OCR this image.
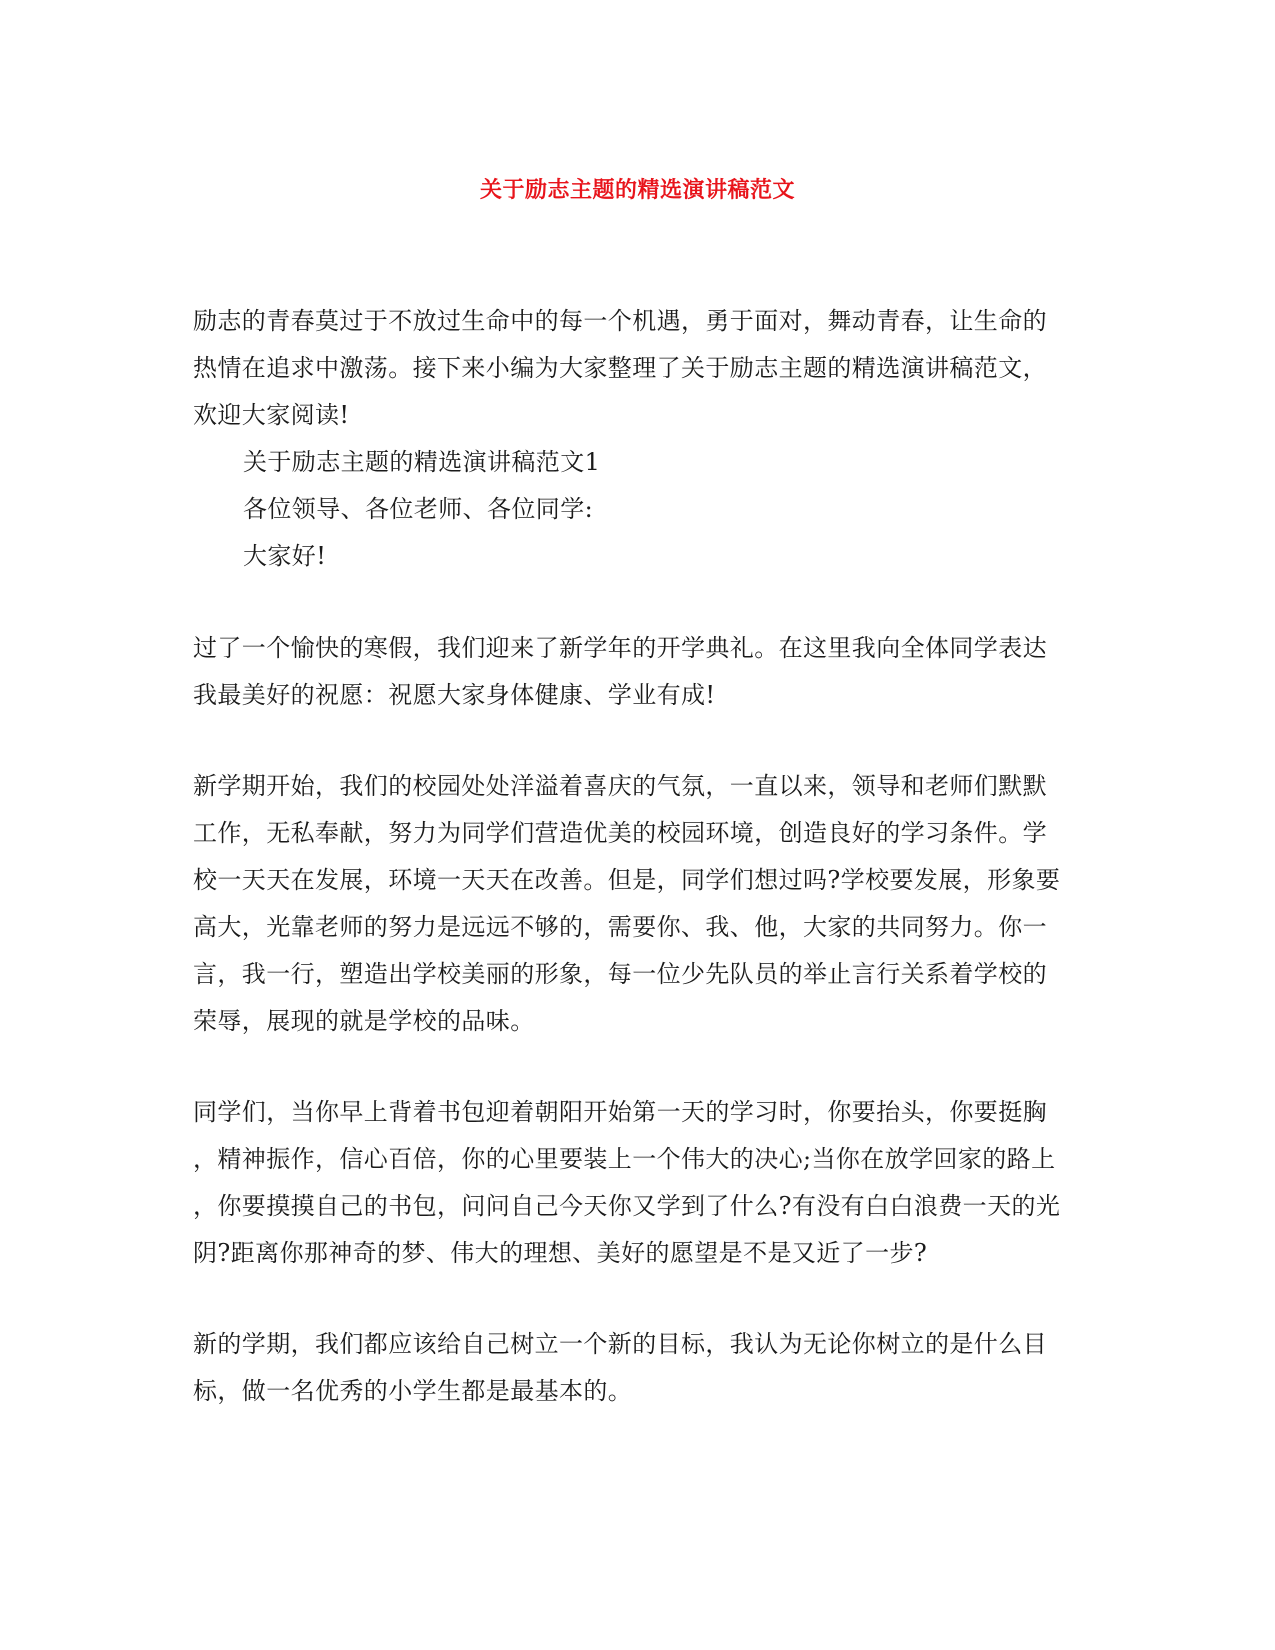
关于励志主题的精选演讲稿范文

励志的青春莫过于不放过生命中的每一个机遇，勇于面对，舞动青春，让生命的

热情在追求中激荡。接下来小编为大家整理了关于励志主题的精选演讲稿范文，

欢迎大家阅读!

关于励志主题的精选演讲稿范文1

各位领导、各位老师、各位同学:

大家好!

过了一个愉快的寒假，我们迎来了新学年的开学典礼。在这里我向全体同学表达

我最美好的祝愿：祝愿大家身体健康、学业有成!

新学期开始，我们的校园处处洋溢着喜庆的气氛，一直以来，领导和老师们默默

工作，无私奉献，努力为同学们营造优美的校园环境，创造良好的学习条件。学

校一天天在发展，环境一天天在改善。但是，同学们想过吗?学校要发展，形象要

高大，光靠老师的努力是远远不够的，需要你、我、他，大家的共同努力。你一

言，我一行，塑造出学校美丽的形象，每一位少先队员的举止言行关系着学校的

荣辱，展现的就是学校的品味。

同学们，当你早上背着书包迎着朝阳开始第一天的学习时，你要抬头，你要挺胸

，精神振作，信心百倍，你的心里要装上一个伟大的决心;当你在放学回家的路上

，你要摸摸自己的书包，问问自己今天你又学到了什么?有没有白白浪费一天的光

阴?距离你那神奇的梦、伟大的理想、美好的愿望是不是又近了一步?

新的学期，我们都应该给自己树立一个新的目标，我认为无论你树立的是什么目

标，做一名优秀的小学生都是最基本的。
